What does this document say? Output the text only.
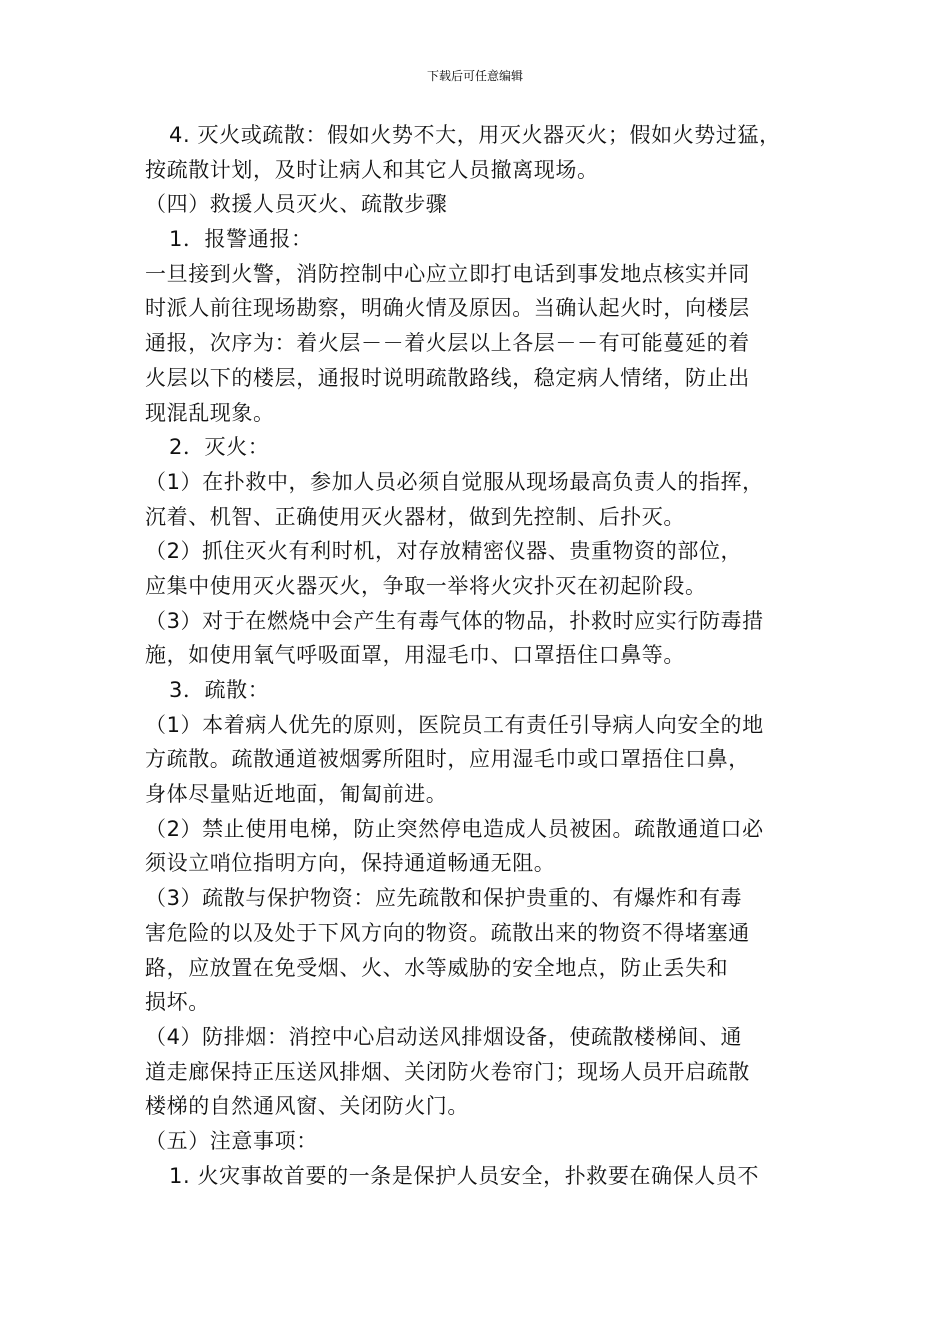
下载后可任意编辑
4. 灭火或疏散：假如火势不大，用灭火器灭火；假如火势过猛，
按疏散计划，及时让病人和其它人员撤离现场。
（四）救援人员灭火、疏散步骤
1．报警通报：
一旦接到火警，消防控制中心应立即打电话到事发地点核实并同
时派人前往现场勘察，明确火情及原因。当确认起火时，向楼层
通报，次序为：着火层－－着火层以上各层－－有可能蔓延的着
火层以下的楼层，通报时说明疏散路线，稳定病人情绪，防止出
现混乱现象。
2．灭火：
（1）在扑救中，参加人员必须自觉服从现场最高负责人的指挥，
沉着、机智、正确使用灭火器材，做到先控制、后扑灭。
（2）抓住灭火有利时机，对存放精密仪器、贵重物资的部位，
应集中使用灭火器灭火，争取一举将火灾扑灭在初起阶段。
（3）对于在燃烧中会产生有毒气体的物品，扑救时应实行防毒措
施，如使用氧气呼吸面罩，用湿毛巾、口罩捂住口鼻等。
3．疏散：
（1）本着病人优先的原则，医院员工有责任引导病人向安全的地
方疏散。疏散通道被烟雾所阻时，应用湿毛巾或口罩捂住口鼻，
身体尽量贴近地面，匍匐前进。
（2）禁止使用电梯，防止突然停电造成人员被困。疏散通道口必
须设立哨位指明方向，保持通道畅通无阻。
（3）疏散与保护物资：应先疏散和保护贵重的、有爆炸和有毒
害危险的以及处于下风方向的物资。疏散出来的物资不得堵塞通
路，应放置在免受烟、火、水等威胁的安全地点，防止丢失和
损坏。
（4）防排烟：消控中心启动送风排烟设备，使疏散楼梯间、通
道走廊保持正压送风排烟、关闭防火卷帘门；现场人员开启疏散
楼梯的自然通风窗、关闭防火门。
（五）注意事项：
1. 火灾事故首要的一条是保护人员安全，扑救要在确保人员不
